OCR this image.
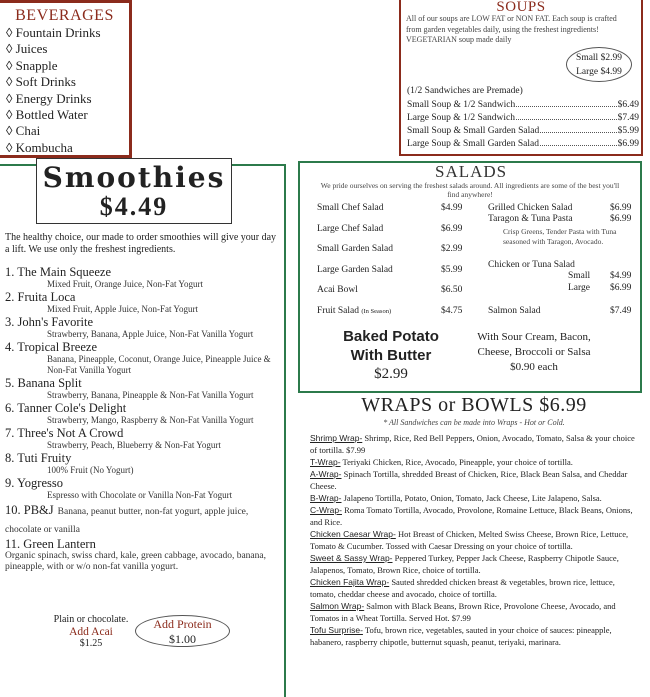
BEVERAGES
◊ Fountain Drinks
◊ Juices
◊ Snapple
◊ Soft Drinks
◊ Energy Drinks
◊ Bottled Water
◊ Chai
◊ Kombucha
SOUPS
All of our soups are LOW FAT or NON FAT. Each soup is crafted from garden vegetables daily, using the freshest ingredients! VEGETARIAN soup made daily
Small $2.99
Large $4.99
(1/2 Sandwiches are Premade)
Small Soup & 1/2 Sandwich	$6.49
Large Soup & 1/2 Sandwich	$7.49
Small Soup & Small Garden Salad	$5.99
Large Soup & Small Garden Salad	$6.99
The healthy choice, our made to order smoothies will give your day a lift. We use only the freshest ingredients.
1. The Main Squeeze
Mixed Fruit, Orange Juice, Non-Fat Yogurt
2. Fruita Loca
Mixed Fruit, Apple Juice, Non-Fat Yogurt
3. John's Favorite
Strawberry, Banana, Apple Juice, Non-Fat Vanilla Yogurt
4. Tropical Breeze
Banana, Pineapple, Coconut, Orange Juice, Pineapple Juice & Non-Fat Vanilla Yogurt
5. Banana Split
Strawberry, Banana, Pineapple & Non-Fat Vanilla Yogurt
6. Tanner Cole's Delight
Strawberry, Mango, Raspberry & Non-Fat Vanilla Yogurt
7. Three's Not A Crowd
Strawberry, Peach, Blueberry & Non-Fat Yogurt
8. Tuti Fruity
100% Fruit (No Yogurt)
9. Yogresso
Espresso with Chocolate or Vanilla Non-Fat Yogurt
10. PB&J Banana, peanut butter, non-fat yogurt, apple juice, chocolate or vanilla
11. Green Lantern
Organic spinach, swiss chard, kale, green cabbage, avocado, banana, pineapple, with or w/o non-fat vanilla yogurt.
Plain or chocolate.
Add Acai
$1.25
Add Protein
$1.00
Smoothies
$4.49
SALADS
We pride ourselves on serving the freshest salads around. All ingredients are some of the best you'll find anywhere!
Small Chef Salad	$4.99
Large Chef Salad	$6.99
Small Garden Salad	$2.99
Large Garden Salad	$5.99
Acai Bowl	$6.50
Fruit Salad (In Season)	$4.75
Grilled Chicken Salad	$6.99
Taragon & Tuna Pasta	$6.99
Crisp Greens, Tender Pasta with Tuna seasoned with Taragon, Avocado.
Chicken or Tuna Salad
Small $4.99
Large $6.99
Salmon Salad	$7.49
Baked Potato
With Butter
$2.99
With Sour Cream, Bacon,
Cheese, Broccoli or Salsa
$0.90 each
WRAPS or BOWLS $6.99
* All Sandwiches can be made into Wraps - Hot or Cold.
Shrimp Wrap- Shrimp, Rice, Red Bell Peppers, Onion, Avocado, Tomato, Salsa & your choice of tortilla. $7.99
T-Wrap- Teriyaki Chicken, Rice, Avocado, Pineapple, your choice of tortilla.
A-Wrap- Spinach Tortilla, shredded Breast of Chicken, Rice, Black Bean Salsa, and Cheddar Cheese.
B-Wrap- Jalapeno Tortilla, Potato, Onion, Tomato, Jack Cheese, Lite Jalapeno, Salsa.
C-Wrap- Roma Tomato Tortilla, Avocado, Provolone, Romaine Lettuce, Black Beans, Onions, and Rice.
Chicken Caesar Wrap- Hot Breast of Chicken, Melted Swiss Cheese, Brown Rice, Lettuce, Tomato & Cucumber. Tossed with Caesar Dressing on your choice of tortilla.
Sweet & Sassy Wrap- Peppered Turkey, Pepper Jack Cheese, Raspberry Chipotle Sauce, Jalapenos, Tomato, Brown Rice, choice of tortilla.
Chicken Fajita Wrap- Sauted shredded chicken breast & vegetables, brown rice, lettuce, tomato, cheddar cheese and avocado, choice of tortilla.
Salmon Wrap- Salmon with Black Beans, Brown Rice, Provolone Cheese, Avocado, and Tomatos in a Wheat Tortilla. Served Hot. $7.99
Tofu Surprise- Tofu, brown rice, vegetables, sauted in your choice of sauces: pineapple, habanero, raspberry chipotle, butternut squash, peanut, teriyaki, marinara.
